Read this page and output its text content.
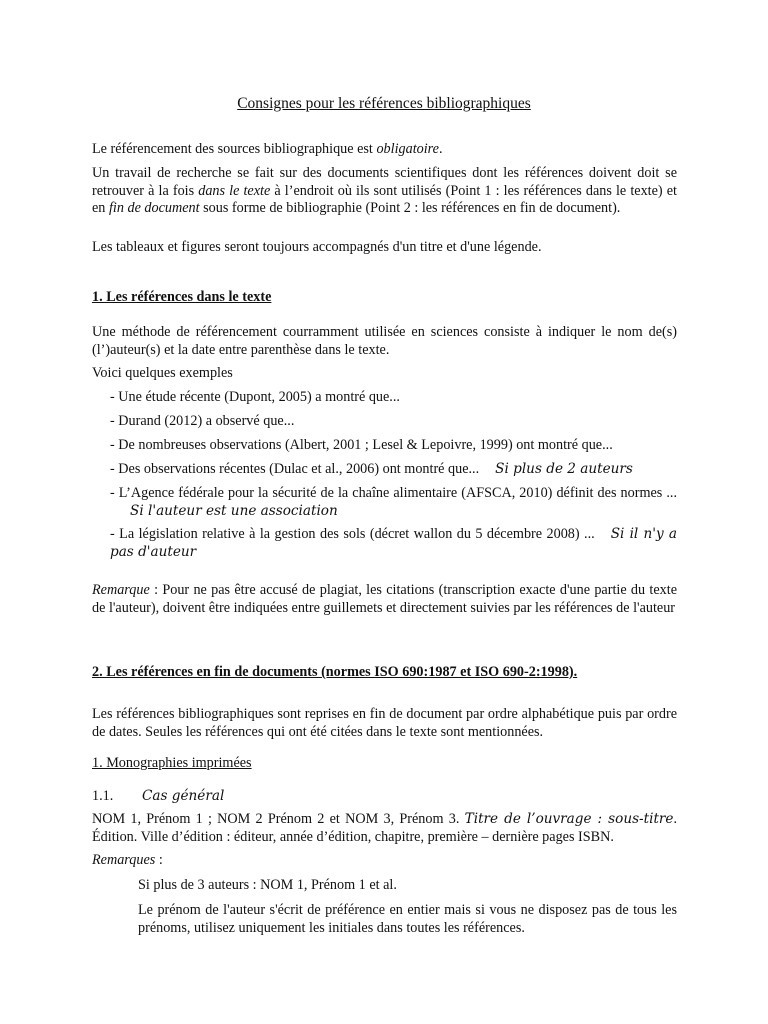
Consignes pour les références bibliographiques

Le référencement des sources bibliographique est obligatoire.

Un travail de recherche se fait sur des documents scientifiques dont les références doivent doit se retrouver à la fois dans le texte à l’endroit où ils sont utilisés (Point 1 : les références dans le texte) et en fin de document sous forme de bibliographie (Point 2 : les références en fin de document).

Les tableaux et figures seront toujours accompagnés d'un titre et d'une légende.

1. Les références dans le texte

Une méthode de référencement courramment utilisée en sciences consiste à indiquer le nom de(s) (l’)auteur(s) et la date entre parenthèse dans le texte.

Voici quelques exemples

- Une étude récente (Dupont, 2005) a montré que...

- Durand (2012) a observé que...

- De nombreuses observations (Albert, 2001 ; Lesel & Lepoivre, 1999) ont montré que...

- Des observations récentes (Dulac et al., 2006) ont montré que... Si plus de 2 auteurs

- L’Agence fédérale pour la sécurité de la chaîne alimentaire (AFSCA, 2010) définit des normes ...Si l'auteur est une association

- La législation relative à la gestion des sols (décret wallon du 5 décembre 2008) ... Si il n'y a pas d'auteur

Remarque : Pour ne pas être accusé de plagiat, les citations (transcription exacte d'une partie du texte de l'auteur), doivent être indiquées entre guillemets et directement suivies par les références de l'auteur

2. Les références en fin de documents (normes ISO 690:1987 et ISO 690-2:1998).

Les références bibliographiques sont reprises en fin de document par ordre alphabétique puis par ordre de dates. Seules les références qui ont été citées dans le texte sont mentionnées.

1. Monographies imprimées

1.1. Cas général

NOM 1, Prénom 1 ; NOM 2 Prénom 2 et NOM 3, Prénom 3. Titre de l’ouvrage : sous-titre. Édition. Ville d’édition : éditeur, année d’édition, chapitre, première – dernière pages ISBN.

Remarques :

Si plus de 3 auteurs : NOM 1, Prénom 1 et al.

Le prénom de l'auteur s'écrit de préférence en entier mais si vous ne disposez pas de tous les prénoms, utilisez uniquement les initiales dans toutes les références.
